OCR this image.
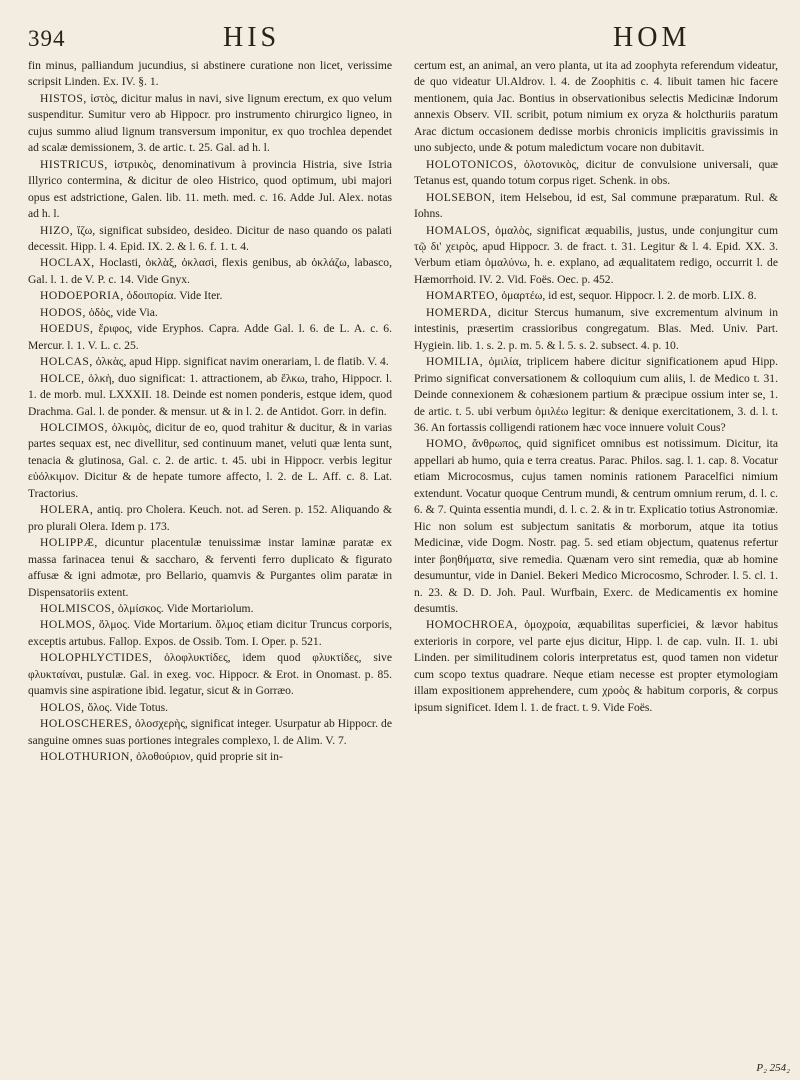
394	HIS	HOM

fin minus, palliandum jucundius, si abstinere curatione non licet, verissime scripsit Linden. Ex. IV. §. 1.

HISTOS, ἱστὸς, dicitur malus in navi, sive lignum erectum, ex quo velum suspenditur. Sumitur vero ab Hippocr. pro instrumento chirurgico ligneo, in cujus summo aliud lignum transversum imponitur, ex quo trochlea dependet ad scalæ demissionem, 3. de artic. t. 25. Gal. ad h. l.

HISTRICUS, ἱστρικὸς, denominativum à provincia Histria, sive Istria Illyrico contermina, & dicitur de oleo Histrico, quod optimum, ubi majori opus est adstrictione, Galen. lib. 11. meth. med. c. 16. Adde Jul. Alex. notas ad h. l.

HIZO, ἵζω, significat subsideo, desideo. Dicitur de naso quando os palati decessit. Hipp. l. 4. Epid. IX. 2. & l. 6. f. 1. t. 4.

HOCLAX, Hoclasti, ὀκλὰξ, ὀκλασὶ, flexis genibus, ab ὀκλάζω, labasco, Gal. l. 1. de V. P. c. 14. Vide Gnyx.

HODOEPORIA, ὁδοιπορία. Vide Iter.

HODOS, ὁδὸς, vide Via.

HOEDUS, ἔριφος, vide Eryphos. Capra. Adde Gal. l. 6. de L. A. c. 6. Mercur. l. 1. V. L. c. 25.

HOLCAS, ὁλκὰς, apud Hipp. significat navim onerariam, l. de flatib. V. 4.

HOLCE, ὁλκὴ, duo significat: 1. attractionem, ab ἕλκω, traho, Hippocr. l. 1. de morb. mul. LXXXII. 18. Deinde est nomen ponderis, estque idem, quod Drachma. Gal. l. de ponder. & mensur. ut & in l. 2. de Antidot. Gorr. in defin.

HOLCIMOS, ὁλκιμὸς, dicitur de eo, quod trahitur & ducitur, & in varias partes sequax est, nec divellitur, sed continuum manet, veluti quæ lenta sunt, tenacia & glutinosa, Gal. c. 2. de artic. t. 45. ubi in Hippocr. verbis legitur εὐόλκιμον. Dicitur & de hepate tumore affecto, l. 2. de L. Aff. c. 8. Lat. Tractorius.

HOLERA, antiq. pro Cholera. Keuch. not. ad Seren. p. 152. Aliquando & pro plurali Olera. Idem p. 173.

HOLIPPÆ, dicuntur placentulæ tenuissimæ instar laminæ paratæ ex massa farinacea tenui & saccharo, & ferventi ferro duplicato & figurato affusæ & igni admotæ, pro Bellario, quamvis & Purgantes olim paratæ in Dispensatoriis extent.

HOLMISCOS, ὁλμίσκος. Vide Mortariolum.

HOLMOS, ὅλμος. Vide Mortarium. ὅλμος etiam dicitur Truncus corporis, exceptis artubus. Fallop. Expos. de Ossib. Tom. I. Oper. p. 521.

HOLOPHLYCTIDES, ὁλοφλυκτίδες, idem quod φλυκτίδες, sive φλυκταίναι, pustulæ. Gal. in exeg. voc. Hippocr. & Erot. in Onomast. p. 85. quamvis sine aspiratione ibid. legatur, sicut & in Gorræo.

HOLOS, ὅλος. Vide Totus.

HOLOSCHERES, ὁλοσχερὴς, significat integer. Usurpatur ab Hippocr. de sanguine omnes suas portiones integrales complexo, l. de Alim. V. 7.

HOLOTHURION, ὁλοθούριον, quid proprie sit in-

certum est, an animal, an vero planta, ut ita ad zoophyta referendum videatur, de quo videatur Ul.Aldrov. l. 4. de Zoophitis c. 4. libuit tamen hic facere mentionem, quia Jac. Bontius in observationibus selectis Medicinæ Indorum annexis Observ. VII. scribit, potum nimium ex oryza & holcthuriis paratum Arac dictum occasionem dedisse morbis chronicis implicitis gravissimis in uno subjecto, unde & potum maledictum vocare non dubitavit.

HOLOTONICOS, ὁλοτονικὸς, dicitur de convulsione universali, quæ Tetanus est, quando totum corpus riget. Schenk. in obs.

HOLSEBON, item Helsebou, id est, Sal commune præparatum. Rul. & Iohns.

HOMALOS, ὁμαλὸς, significat æquabilis, justus, unde conjungitur cum τῷ δι' χειρὸς, apud Hippocr. 3. de fract. t. 31. Legitur & l. 4. Epid. XX. 3. Verbum etiam ὁμαλύνω, h. e. explano, ad æqualitatem redigo, occurrit l. de Hæmorrhoid. IV. 2. Vid. Foës. Oec. p. 452.

HOMARTEO, ὁμαρτέω, id est, sequor. Hippocr. l. 2. de morb. LIX. 8.

HOMERDA, dicitur Stercus humanum, sive excrementum alvinum in intestinis, præsertim crassioribus congregatum. Blas. Med. Univ. Part. Hygiein. lib. 1. s. 2. p. m. 5. & l. 5. s. 2. subsect. 4. p. 10.

HOMILIA, ὁμιλία, triplicem habere dicitur significationem apud Hipp. Primo significat conversationem & colloquium cum aliis, l. de Medico t. 31. Deinde connexionem & cohæsionem partium & præcipue ossium inter se, 1. de artic. t. 5. ubi verbum ὁμιλέω legitur: & denique exercitationem, 3. d. l. t. 36. An fortassis colligendi rationem hæc voce innuere voluit Cous?

HOMO, ἄνθρωπος, quid significet omnibus est notissimum. Dicitur, ita appellari ab humo, quia e terra creatus. Parac. Philos. sag. l. 1. cap. 8. Vocatur etiam Microcosmus, cujus tamen nominis rationem Paracelfici nimium extendunt. Vocatur quoque Centrum mundi, & centrum omnium rerum, d. l. c. 6. & 7. Quinta essentia mundi, d. l. c. 2. & in tr. Explicatio totius Astronomiæ. Hic non solum est subjectum sanitatis & morborum, atque ita totius Medicinæ, vide Dogm. Nostr. pag. 5. sed etiam objectum, quatenus refertur inter βοηθήματα, sive remedia. Quænam vero sint remedia, quæ ab homine desumuntur, vide in Daniel. Bekeri Medico Microcosmo, Schroder. l. 5. cl. 1. n. 23. & D. D. Joh. Paul. Wurfbain, Exerc. de Medicamentis ex homine desumtis.

HOMOCHROEA, ὁμοχροία, æquabilitas superficiei, & lævor habitus exterioris in corpore, vel parte ejus dicitur, Hipp. l. de cap. vuln. II. 1. ubi Linden. per similitudinem coloris interpretatus est, quod tamen non videtur cum scopo textus quadrare. Neque etiam necesse est propter etymologiam illam expositionem apprehendere, cum χροὸς & habitum corporis, & corpus ipsum significet. Idem l. 1. de fract. t. 9. Vide Foës.

P₂ 254₂
